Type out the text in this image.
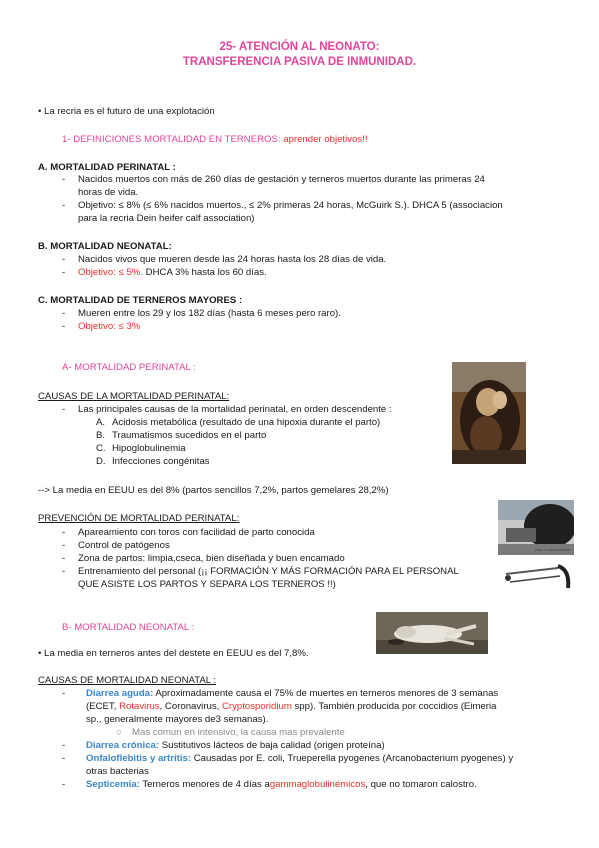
25- ATENCIÓN AL NEONATO:
TRANSFERENCIA PASIVA DE INMUNIDAD.
• La recria es el futuro de una explotación
1- DEFINICIONES MORTALIDAD EN TERNEROS: aprender objetivos!!
A. MORTALIDAD PERINATAL :
- Nacidos muertos con más de 260 días de gestación y terneros muertos durante las primeras 24
horas de vida.
- Objetivo: ≤ 8% (≤ 6% nacidos muertos., ≤ 2% primeras 24 horas, McGuirk S.). DHCA 5 (associacion
para la recria Dein heifer calf association)
B. MORTALIDAD NEONATAL:
- Nacidos vivos que mueren desde las 24 horas hasta los 28 días de vida.
- Objetivo: ≤ 5%. DHCA 3% hasta los 60 días.
C. MORTALIDAD DE TERNEROS MAYORES :
- Mueren entre los 29 y los 182 días (hasta 6 meses pero raro).
- Objetivo: ≤ 3%
A- MORTALIDAD PERINATAL :
CAUSAS DE LA MORTALIDAD PERINATAL:
- Las principales causas de la mortalidad perinatal, en orden descendente :
A. Acidosis metabólica (resultado de una hipoxia durante el parto)
B. Traumatismos sucedidos en el parto
C. Hipoglobulinemia
D. Infecciones congénitas
--> La media en EEUU es del 8% (partos sencillos 7,2%, partos gemelares 28,2%)
PREVENCIÓN DE MORTALIDAD PERINATAL:
- Apareamiento con toros con facilidad de parto conocida
- Control de patógenos
- Zona de partos: limpia,cseca, bien diseñada y buen encamado
- Entrenamiento del personal (¡¡ FORMACIÓN Y MÁS FORMACIÓN PARA EL PERSONAL
QUE ASISTE LOS PARTOS Y SEPARA LOS TERNEROS !!)
B- MORTALIDAD NEONATAL :
• La media en terneros antes del destete en EEUU es del 7,8%.
CAUSAS DE MORTALIDAD NEONATAL :
- Diarrea aguda: Aproximadamente causa el 75% de muertes en terneros menores de 3 semanas
(ECET, Rotavirus, Coronavirus, Cryptosporidium spp). También producida por coccidios (Eimeria
sp., generalmente mayores de3 semanas).
○ Mas comun en intensivo, la causa mas prevalente
- Diarrea crónica: Sustitutivos lácteos de baja calidad (origen proteína)
- Onfaloflebitis y artritis: Causadas por E. coli, Trueperella pyogenes (Arcanobacterium pyogenes) y
otras bacterias
- Septicemia: Terneros menores de 4 días agammaglobulinémicos, que no tomaron calostro.
Photo: A. Garcia (UW-PM)
